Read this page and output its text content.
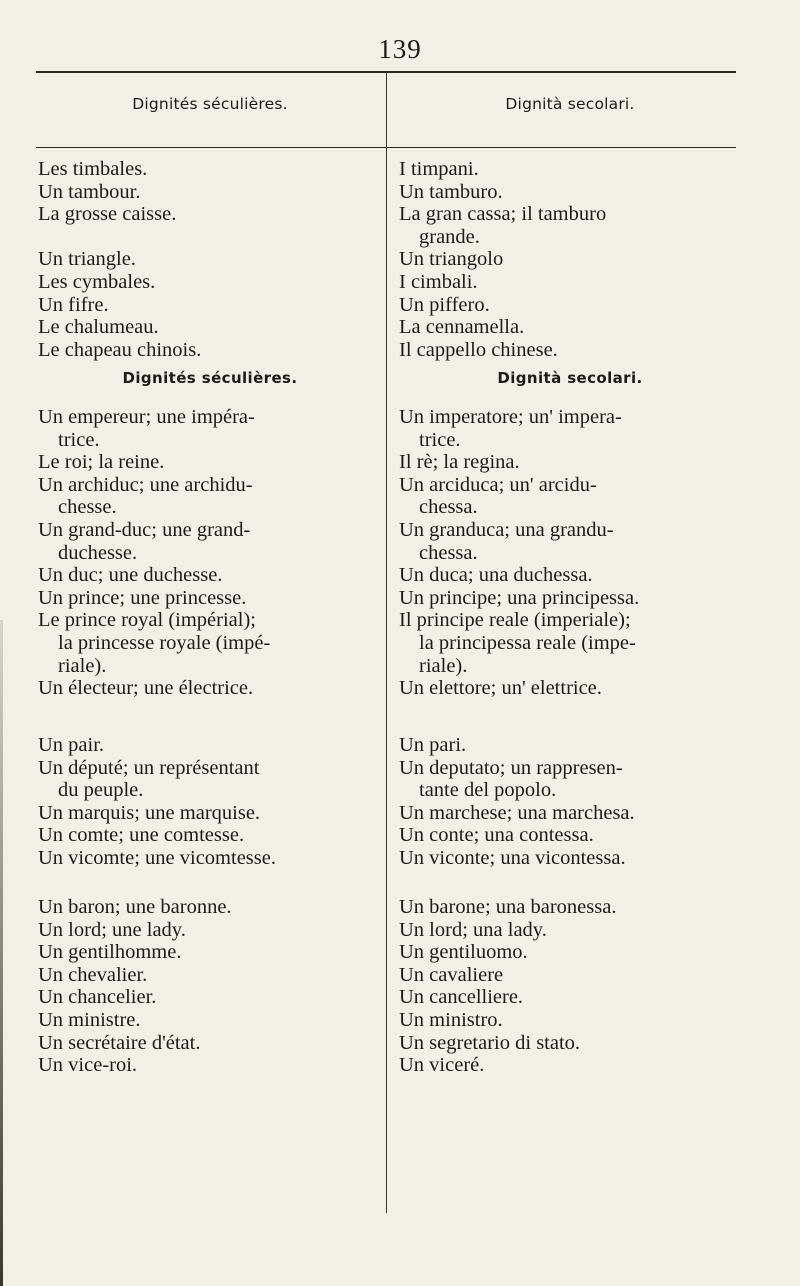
139
Dignités séculières.	Dignità secolari.
Les timbales.
Un tambour.
La grosse caisse.

Un triangle.
Les cymbales.
Un fifre.
Le chalumeau.
Le chapeau chinois.
I timpani.
Un tamburo.
La gran cassa; il tamburo
grande.
Un triangolo
I cimbali.
Un piffero.
La cennamella.
Il cappello chinese.
Dignités séculières.	Dignità secolari.
Un empereur; une impéra-
trice.
Le roi; la reine.
Un archiduc; une archidu-
chesse.
Un grand-duc; une grand-
duchesse.
Un duc; une duchesse.
Un prince; une princesse.
Le prince royal (impérial);
la princesse royale (impé-
riale).
Un électeur; une électrice.
Un imperatore; un' impera-
trice.
Il rè; la regina.
Un arciduca; un' arcidu-
chessa.
Un granduca; una grandu-
chessa.
Un duca; una duchessa.
Un principe; una principessa.
Il principe reale (imperiale);
la principessa reale (impe-
riale).
Un elettore; un' elettrice.
Un pair.
Un député; un représentant
du peuple.
Un marquis; une marquise.
Un comte; une comtesse.
Un vicomte; une vicomtesse.
Un pari.
Un deputato; un rappresen-
tante del popolo.
Un marchese; una marchesa.
Un conte; una contessa.
Un viconte; una vicontessa.
Un baron; une baronne.
Un lord; une lady.
Un gentilhomme.
Un chevalier.
Un chancelier.
Un ministre.
Un secrétaire d'état.
Un vice-roi.
Un barone; una baronessa.
Un lord; una lady.
Un gentiluomo.
Un cavaliere
Un cancelliere.
Un ministro.
Un segretario di stato.
Un viceré.
